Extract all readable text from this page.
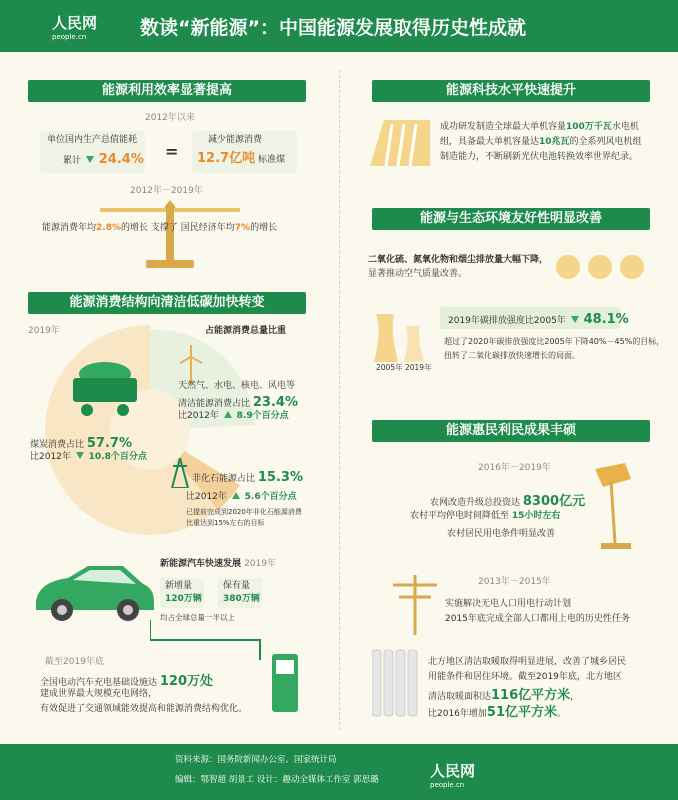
人民网
people.cn	数读“新能源”：中国能源发展取得历史性成就
能源利用效率显著提高
2012年以来
单位国内生产总值能耗
累计 24.4% =
减少能源消费
12.7亿吨 标准煤
2012年－2019年
能源消费年均2.8%的增长 支撑了 国民经济年均7%的增长
能源消费结构向清洁低碳加快转变
2019年	占能源消费总量比重
天然气、水电、核电、风电等
清洁能源消费占比 23.4%
比2012年 8.9个百分点
煤炭消费占比 57.7%
比2012年 10.8个百分点
非化石能源占比 15.3%
比2012年 5.6个百分点
已提前完成到2020年非化石能源消费
比重达到15%左右的目标
新能源汽车快速发展 2019年
新增量
120万辆
保有量
380万辆
均占全球总量一半以上
截至2019年底
全国电动汽车充电基础设施达 120万处
建成世界最大规模充电网络，
有效促进了交通领域能效提高和能源消费结构优化。
能源科技水平快速提升
成功研发制造全球最大单机容量100万千瓦水电机
组，具备最大单机容量达10兆瓦的全系列风电机组
制造能力，不断刷新光伏电池转换效率世界纪录。
能源与生态环境友好性明显改善
二氧化硫、氮氧化物和烟尘排放量大幅下降，
显著推动空气质量改善。
2005年 2019年
2019年碳排放强度比2005年 48.1%
超过了2020年碳排放强度比2005年下降40%－45%的目标，
扭转了二氧化碳排放快速增长的局面。
能源惠民利民成果丰硕
2016年－2019年
农网改造升级总投资达 8300亿元
农村平均停电时间降低至 15小时左右
农村居民用电条件明显改善
2013年－2015年
实施解决无电人口用电行动计划
2015年底完成全部人口都用上电的历史性任务
北方地区清洁取暖取得明显进展，改善了城乡居民
用能条件和居住环境。截至2019年底，北方地区
清洁取暖面积达116亿平方米，
比2016年增加51亿平方米。
资料来源：国务院新闻办公室、国家统计局
编辑：鄂智超 胡景工 设计：趣动全媒体工作室 郭思璐	人民网
people.cn
